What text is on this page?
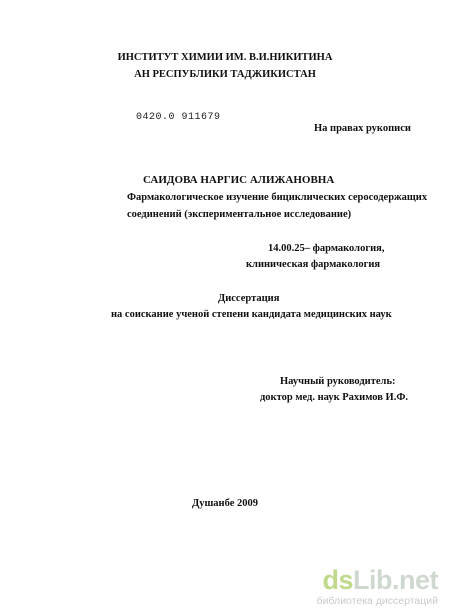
ИНСТИТУТ ХИМИИ ИМ. В.И.НИКИТИНА
АН РЕСПУБЛИКИ ТАДЖИКИСТАН
0420.0 911679
На правах рукописи
САИДОВА НАРГИС АЛИЖАНОВНА
Фармакологическое изучение бициклических серосодержащих
соединений (экспериментальное исследование)
14.00.25– фармакология,
клиническая фармакология
Диссертация
на соискание ученой степени кандидата медицинских наук
Научный руководитель:
доктор мед. наук Рахимов И.Ф.
Душанбе 2009
dsLib.net
библиотека диссертаций
